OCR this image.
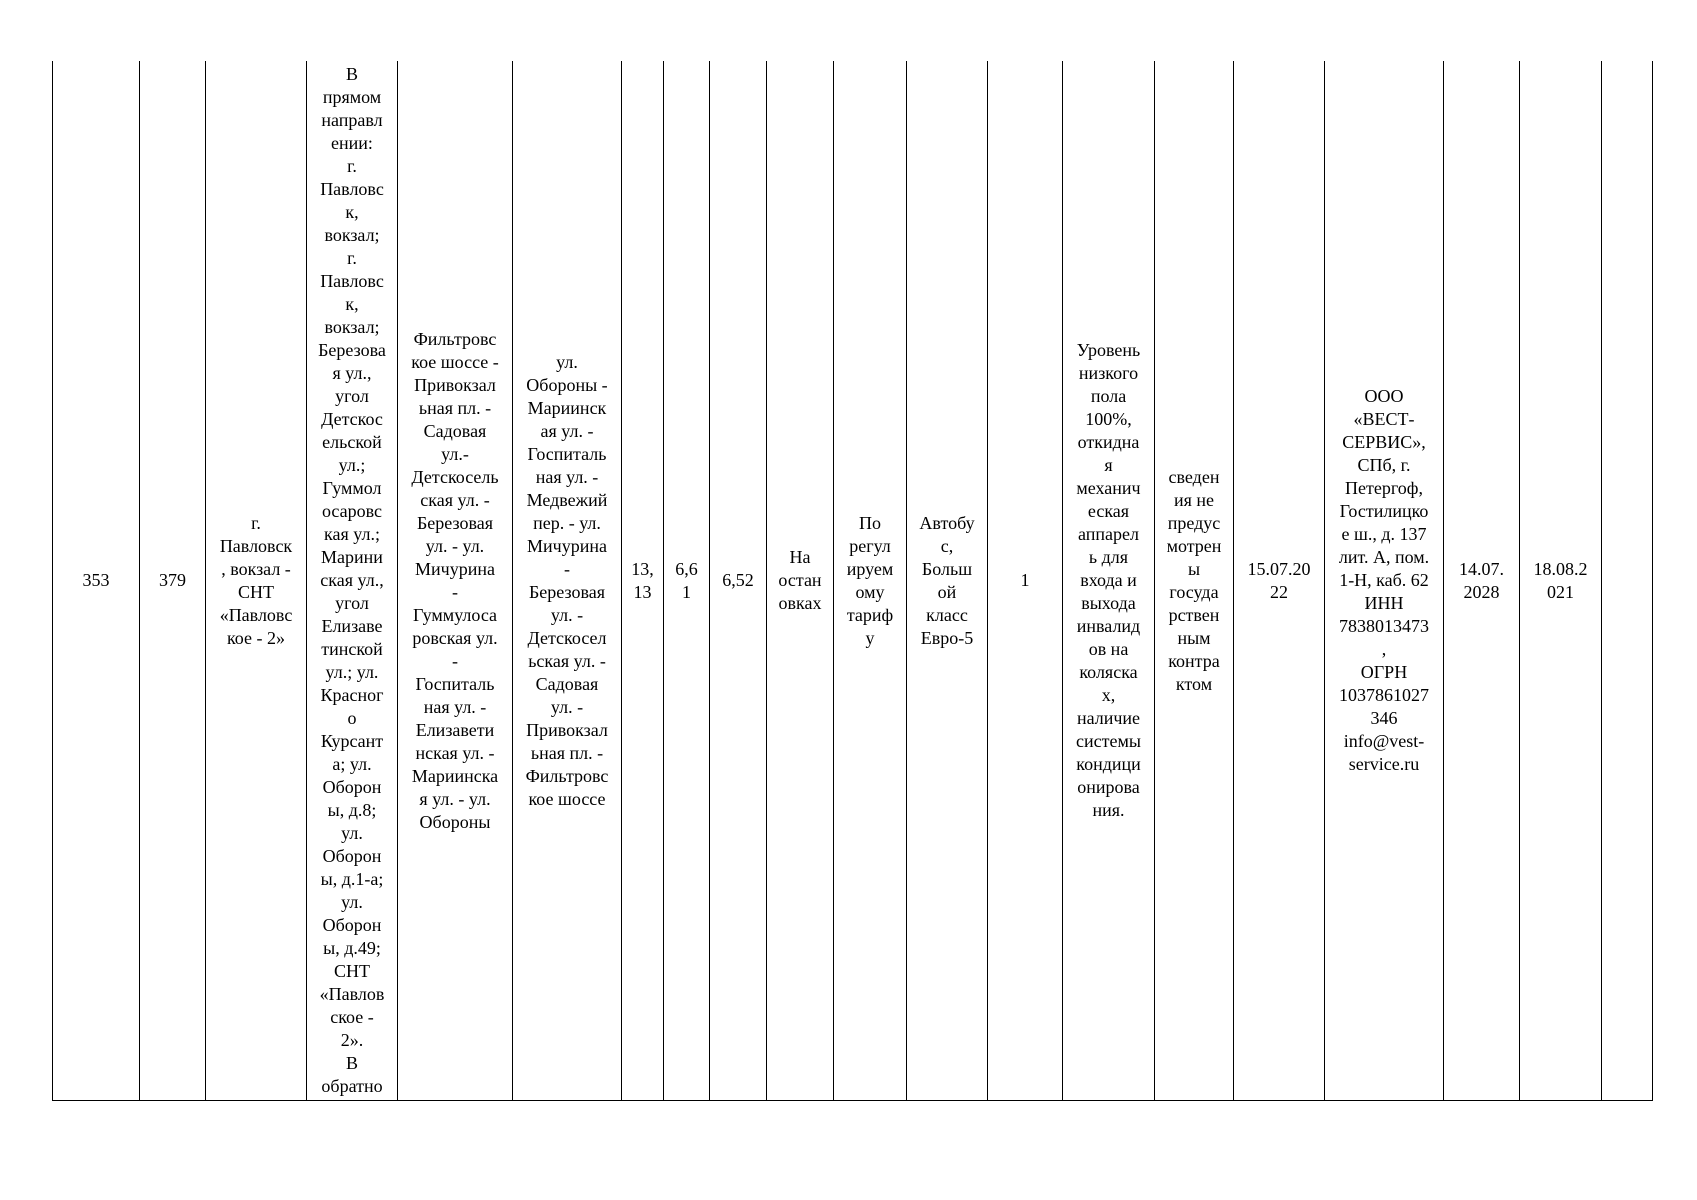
353	379	г.
Павловск
, вокзал -
СНТ
«Павловс
кое - 2»	В
прямом
направл
ении:
г.
Павловс
к,
вокзал;
г.
Павловс
к,
вокзал;
Березова
я ул.,
угол
Детскос
ельской
ул.;
Гуммол
осаровс
кая ул.;
Марини
ская ул.,
угол
Елизаве
тинской
ул.; ул.
Красног
о
Курсант
а; ул.
Оборон
ы, д.8;
ул.
Оборон
ы, д.1-а;
ул.
Оборон
ы, д.49;
СНТ
«Павлов
ское -
2».
В
обратно	Фильтровс
кое шоссе -
Привокзал
ьная пл. -
Садовая
ул.-
Детскосель
ская ул. -
Березовая
ул. - ул.
Мичурина
-
Гуммулоса
ровская ул.
-
Госпиталь
ная ул. -
Елизавети
нская ул. -
Мариинска
я ул. - ул.
Обороны	ул.
Обороны -
Мариинск
ая ул. -
Госпиталь
ная ул. -
Медвежий
пер. - ул.
Мичурина
-
Березовая
ул. -
Детскосел
ьская ул. -
Садовая
ул. -
Привокзал
ьная пл. -
Фильтровс
кое шоссе	13,
13	6,6
1	6,52	На
остан
овках	По
регул
ируем
ому
тариф
у	Автобу
с,
Больш
ой
класс
Евро-5	1	Уровень
низкого
пола
100%,
откидна
я
механич
еская
аппарел
ь для
входа и
выхода
инвалид
ов на
коляска
х,
наличие
системы
кондици
онирова
ния.	сведен
ия не
предус
мотрен
ы
госуда
рствен
ным
контра
ктом	15.07.20
22	ООО
«ВЕСТ-
СЕРВИС»,
СПб, г.
Петергоф,
Гостилицко
е ш., д. 137
лит. А, пом.
1-Н, каб. 62
ИНН
7838013473
,
ОГРН
1037861027
346
info@vest-
service.ru	14.07.
2028	18.08.2
021	
